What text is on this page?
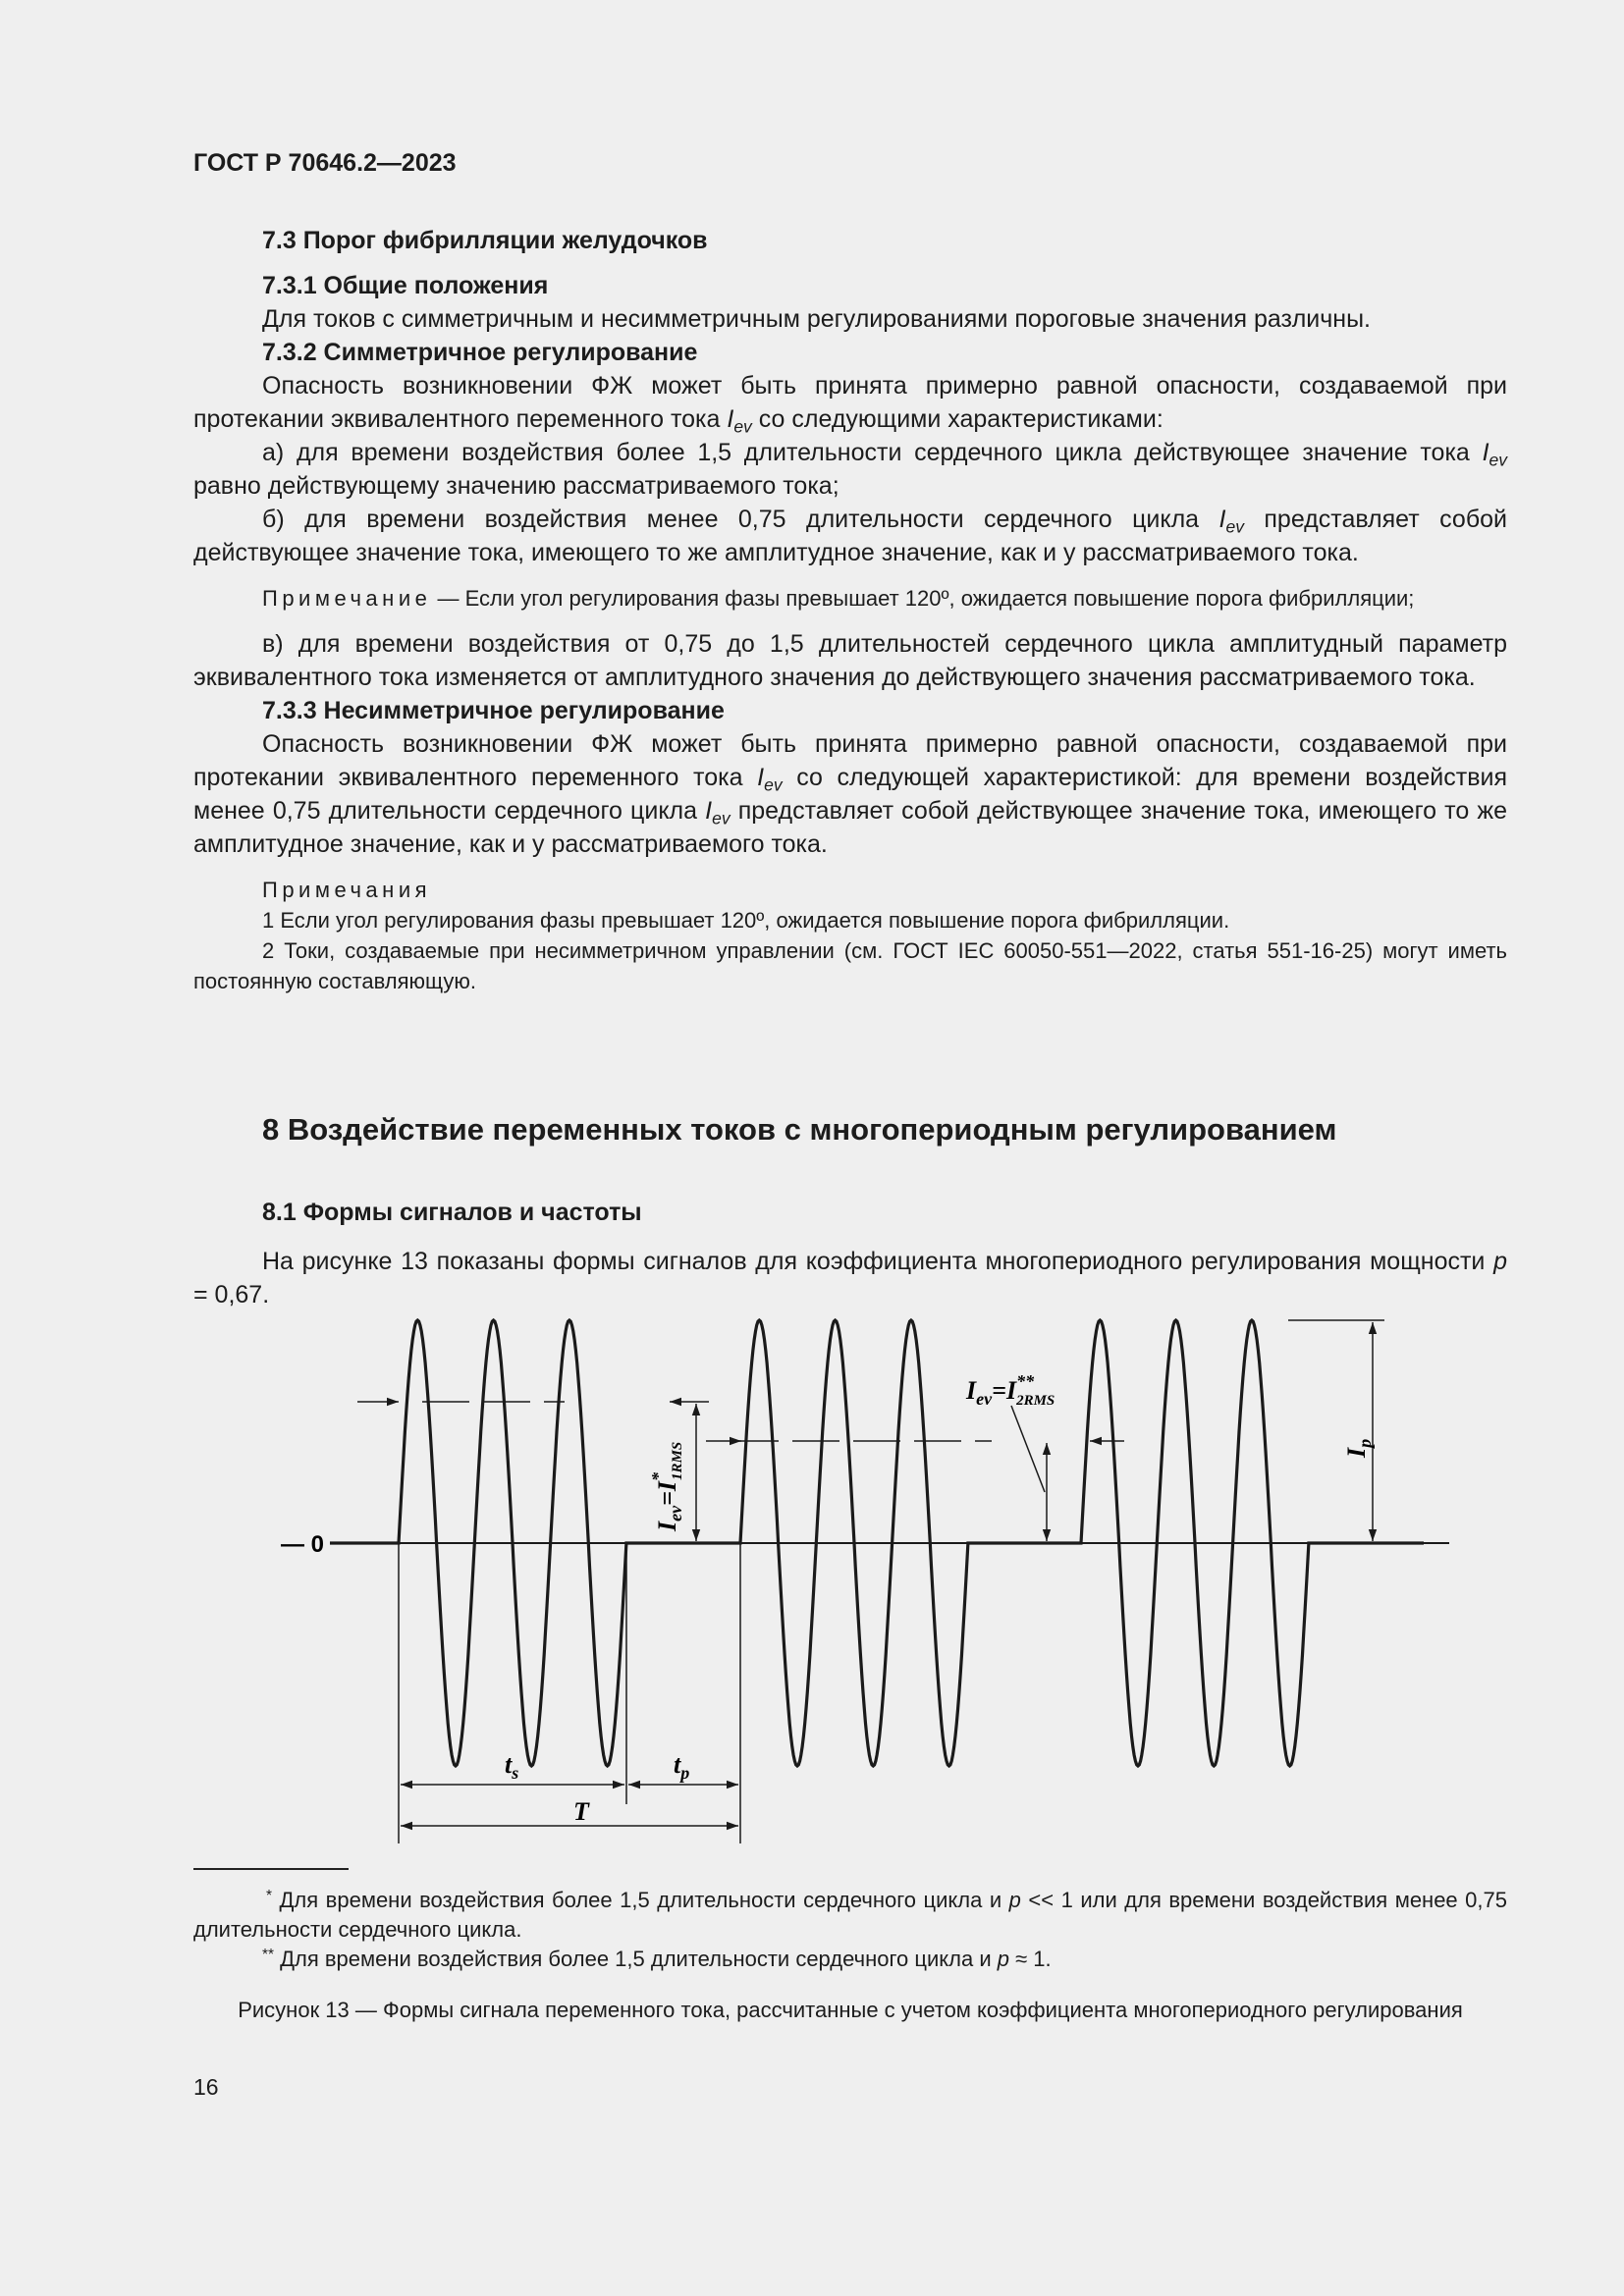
ГОСТ Р 70646.2—2023
7.3 Порог фибрилляции желудочков
7.3.1 Общие положения

Для токов с симметричным и несимметричным регулированиями пороговые значения различны.

7.3.2 Симметричное регулирование

Опасность возникновении ФЖ может быть принята примерно равной опасности, создаваемой при протекании эквивалентного переменного тока $I_{ev}$ со следующими характеристиками:

а) для времени воздействия более 1,5 длительности сердечного цикла действующее значение тока $I_{ev}$ равно действующему значению рассматриваемого тока;

б) для времени воздействия менее 0,75 длительности сердечного цикла $I_{ev}$ представляет собой действующее значение тока, имеющего то же амплитудное значение, как и у рассматриваемого тока.

Примечание — Если угол регулирования фазы превышает 120º, ожидается повышение порога фибрилляции;

в) для времени воздействия от 0,75 до 1,5 длительностей сердечного цикла амплитудный параметр эквивалентного тока изменяется от амплитудного значения до действующего значения рассматриваемого тока.

7.3.3 Несимметричное регулирование

Опасность возникновении ФЖ может быть принята примерно равной опасности, создаваемой при протекании эквивалентного переменного тока $I_{ev}$ со следующей характеристикой: для времени воздействия менее 0,75 длительности сердечного цикла $I_{ev}$ представляет собой действующее значение тока, имеющего то же амплитудное значение, как и у рассматриваемого тока.

Примечания

1 Если угол регулирования фазы превышает 120º, ожидается повышение порога фибрилляции.

2 Токи, создаваемые при несимметричном управлении (см. ГОСТ IEC 60050-551—2022, статья 551-16-25) могут иметь постоянную составляющую.

8 Воздействие переменных токов с многопериодным регулированием
8.1 Формы сигналов и частоты

На рисунке 13 показаны формы сигналов для коэффициента многопериодного регулирования мощности p = 0,67.

— 0
$I_{ev}=I^*$ 1RMS
$I_{ev}=I^{**}$ 2RMS
$I_p$
$t_s$	$t_p$
T
* Для времени воздействия более 1,5 длительности сердечного цикла и p << 1 или для времени воздействия менее 0,75 длительности сердечного цикла.
** Для времени воздействия более 1,5 длительности сердечного цикла и p ≈ 1.
Рисунок 13 — Формы сигнала переменного тока, рассчитанные с учетом коэффициента многопериодного регулирования
16
